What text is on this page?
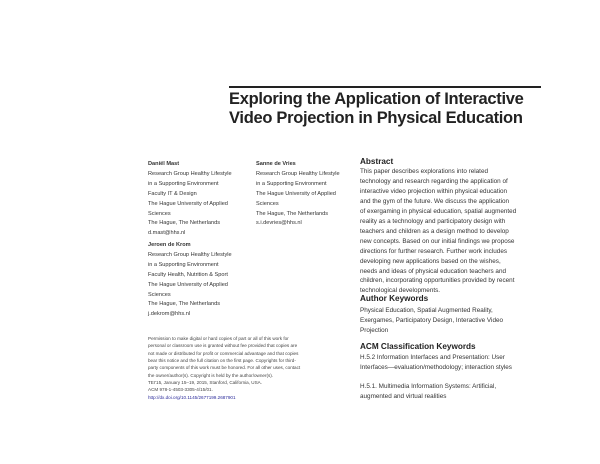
Exploring the Application of Interactive
Video Projection in Physical Education
Daniël Mast
Research Group Healthy Lifestyle
in a Supporting Environment
Faculty IT & Design
The Hague University of Applied
Sciences
The Hague, The Netherlands
d.mast@hhs.nl
Sanne de Vries
Research Group Healthy Lifestyle
in a Supporting Environment
The Hague University of Applied
Sciences
The Hague, The Netherlands
s.i.devries@hhs.nl
Jeroen de Krom
Research Group Healthy Lifestyle
in a Supporting Environment
Faculty Health, Nutrition & Sport
The Hague University of Applied
Sciences
The Hague, The Netherlands
j.dekrom@hhs.nl
Abstract
This paper describes explorations into related
technology and research regarding the application of
interactive video projection within physical education
and the gym of the future. We discuss the application
of exergaming in physical education, spatial augmented
reality as a technology and participatory design with
teachers and children as a design method to develop
new concepts. Based on our initial findings we propose
directions for further research. Further work includes
developing new applications based on the wishes,
needs and ideas of physical education teachers and
children, incorporating opportunities provided by recent
technological developments.
Author Keywords
Physical Education, Spatial Augmented Reality,
Exergames, Participatory Design, Interactive Video
Projection
ACM Classification Keywords
H.5.2 Information Interfaces and Presentation: User
Interfaces—evaluation/methodology; interaction styles
H.5.1. Multimedia Information Systems: Artificial,
augmented and virtual realities
Permission to make digital or hard copies of part or all of this work for
personal or classroom use is granted without fee provided that copies are
not made or distributed for profit or commercial advantage and that copies
bear this notice and the full citation on the first page. Copyrights for third-
party components of this work must be honored. For all other uses, contact
the owner/author(s). Copyright is held by the author/owner(s).
TEI'15, January 15–19, 2015, Stanford, California, USA.
ACM 978-1-4503-3305-4/15/01.
http://dx.doi.org/10.1145/2677199.2687901
